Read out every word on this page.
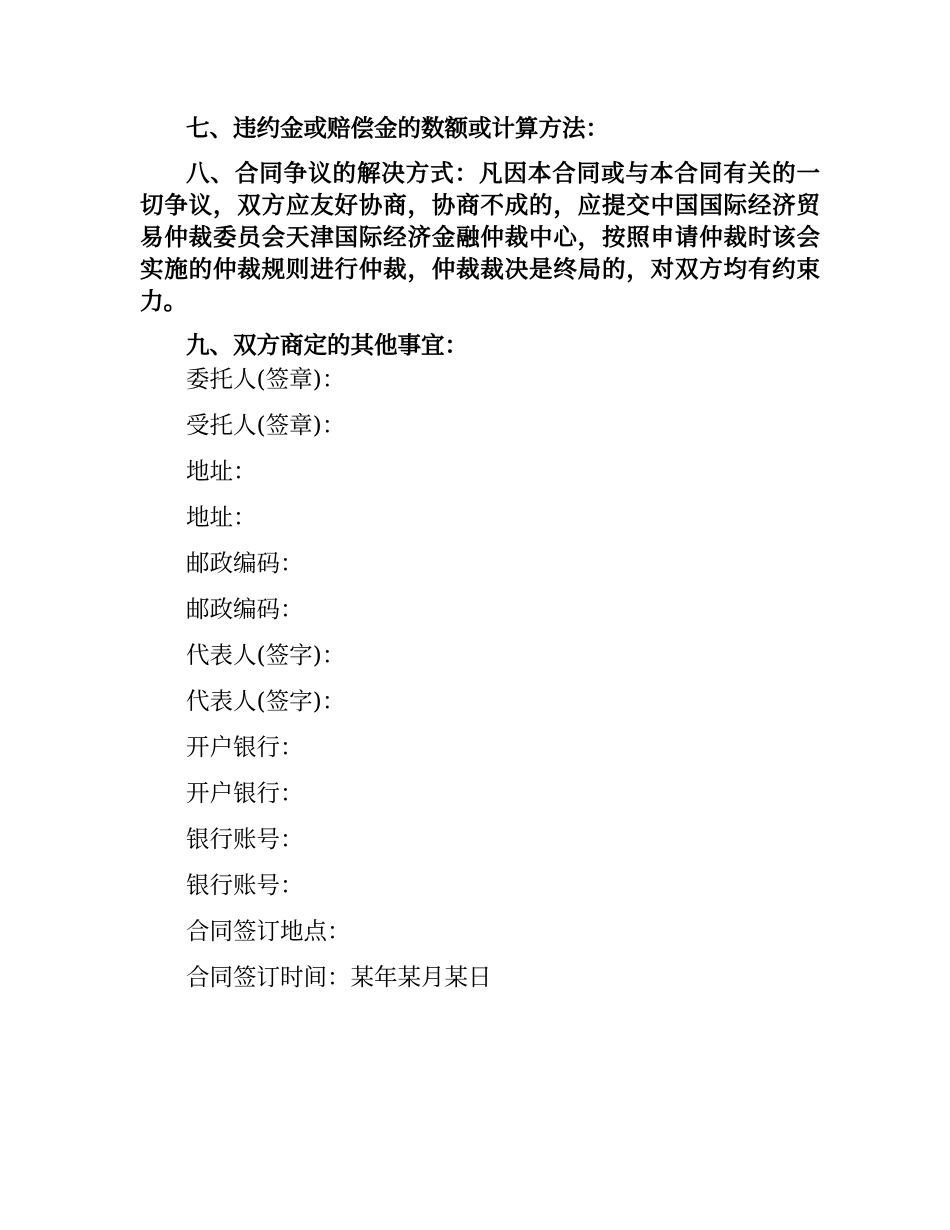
七、违约金或赔偿金的数额或计算方法：

八、合同争议的解决方式：凡因本合同或与本合同有关的一切争议，双方应友好协商，协商不成的，应提交中国国际经济贸易仲裁委员会天津国际经济金融仲裁中心，按照申请仲裁时该会实施的仲裁规则进行仲裁，仲裁裁决是终局的，对双方均有约束力。

九、双方商定的其他事宜：

委托人(签章)：
受托人(签章)：
地址：
地址：
邮政编码：
邮政编码：
代表人(签字)：
代表人(签字)：
开户银行：
开户银行：
银行账号：
银行账号：
合同签订地点：
合同签订时间：某年某月某日
